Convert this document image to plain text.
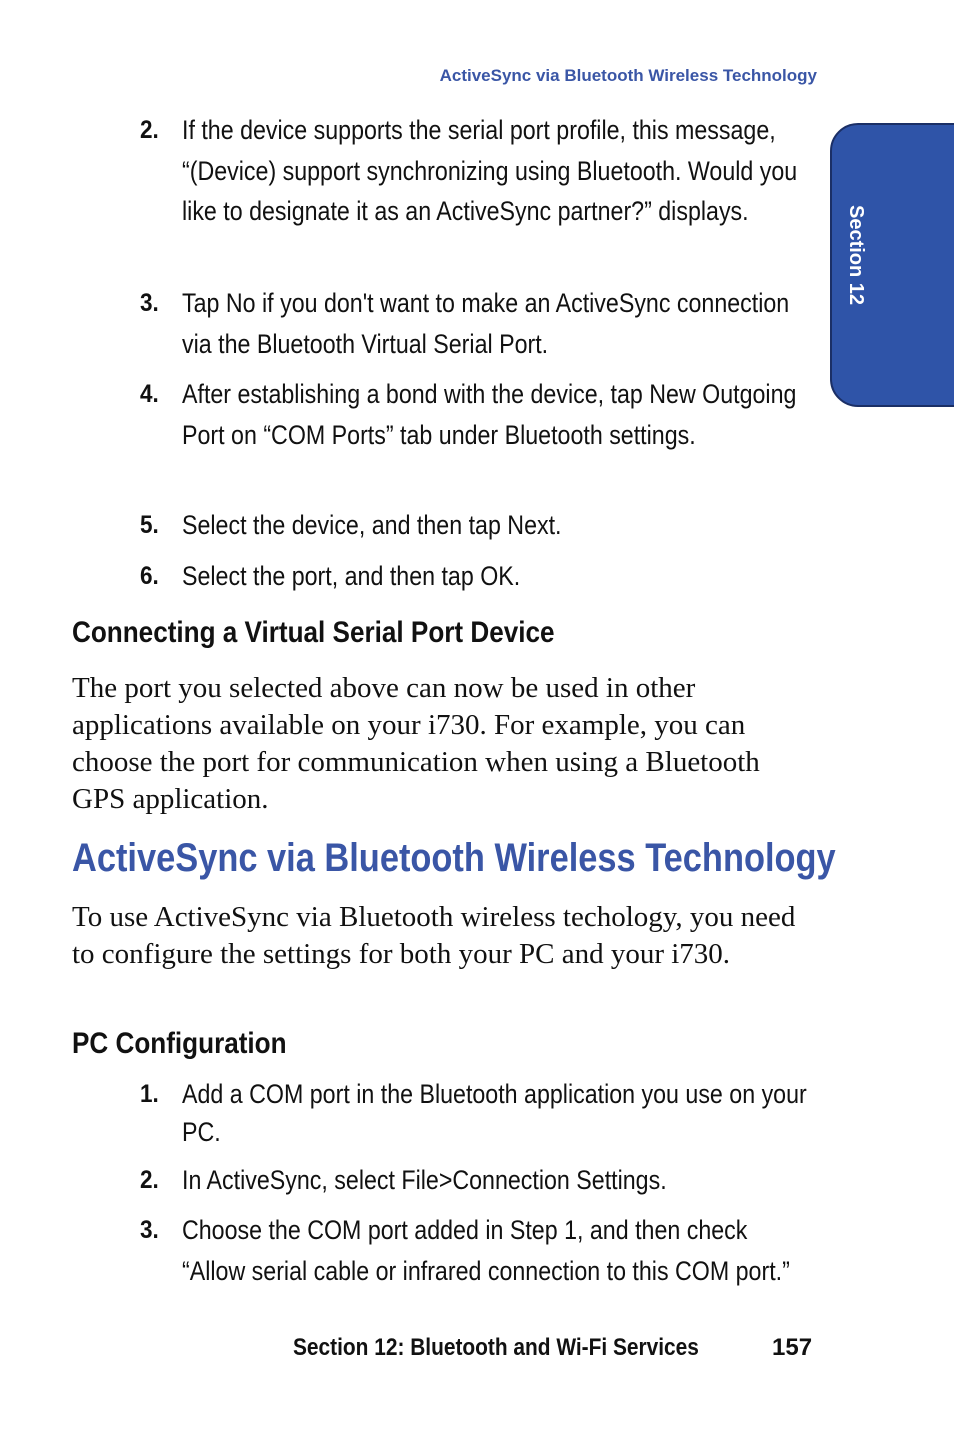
ActiveSync via Bluetooth Wireless Technology
Section 12
2. If the device supports the serial port profile, this message, “(Device) support synchronizing using Bluetooth. Would you like to designate it as an ActiveSync partner?” displays.
3. Tap No if you don't want to make an ActiveSync connection via the Bluetooth Virtual Serial Port.
4. After establishing a bond with the device, tap New Outgoing Port on “COM Ports” tab under Bluetooth settings.
5. Select the device, and then tap Next.
6. Select the port, and then tap OK.
Connecting a Virtual Serial Port Device
The port you selected above can now be used in other applications available on your i730. For example, you can choose the port for communication when using a Bluetooth GPS application.
ActiveSync via Bluetooth Wireless Technology
To use ActiveSync via Bluetooth wireless techology, you need to configure the settings for both your PC and your i730.
PC Configuration
1. Add a COM port in the Bluetooth application you use on your PC.
2. In ActiveSync, select File>Connection Settings.
3. Choose the COM port added in Step 1, and then check “Allow serial cable or infrared connection to this COM port.”
Section 12: Bluetooth and Wi-Fi Services	157
